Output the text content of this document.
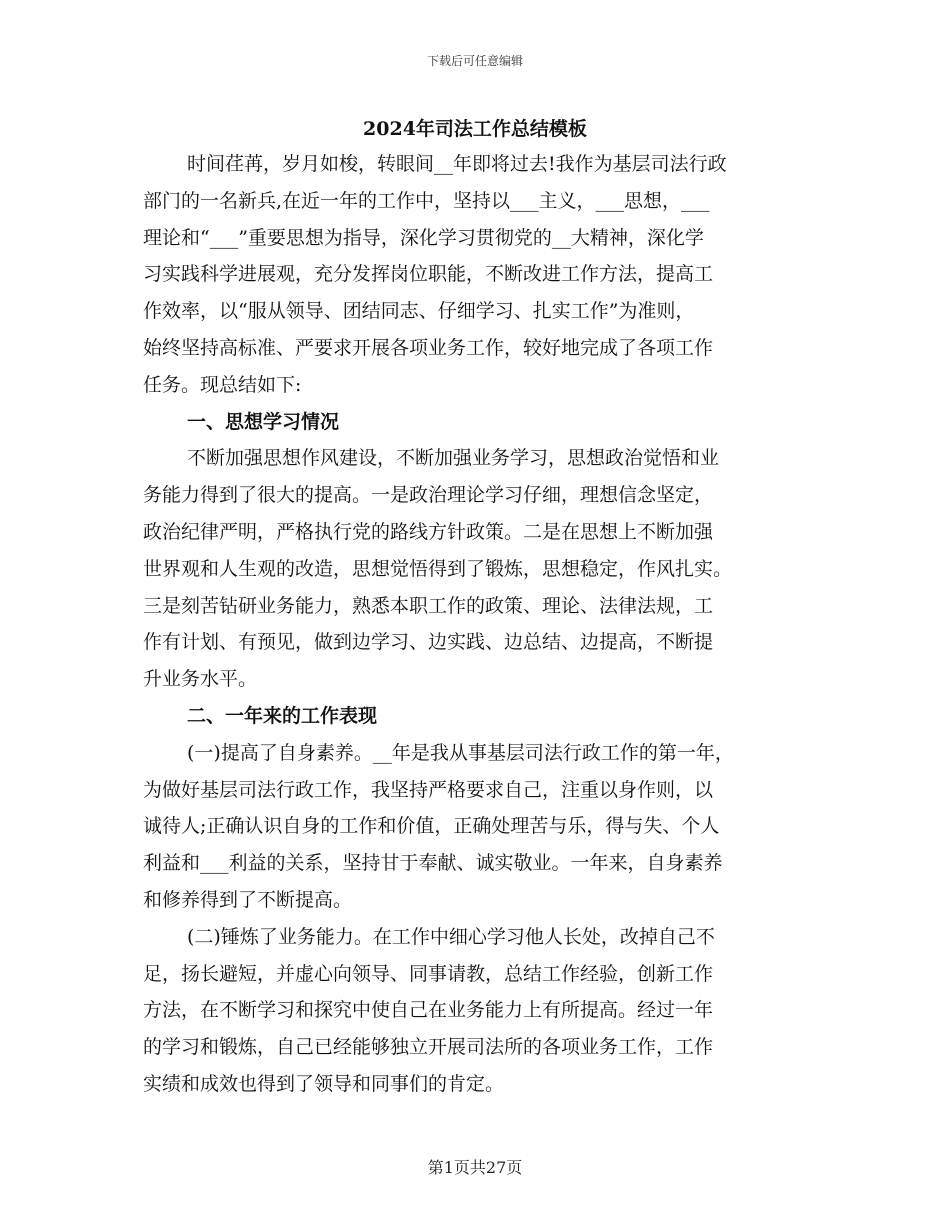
下载后可任意编辑
2024年司法工作总结模板
时间荏苒，岁月如梭，转眼间__年即将过去!我作为基层司法行政
部门的一名新兵,在近一年的工作中，坚持以___主义，___思想，___
理论和“___”重要思想为指导，深化学习贯彻党的__大精神，深化学
习实践科学进展观，充分发挥岗位职能，不断改进工作方法，提高工
作效率，以“服从领导、团结同志、仔细学习、扎实工作”为准则，
始终坚持高标准、严要求开展各项业务工作，较好地完成了各项工作
任务。现总结如下:
一、思想学习情况
不断加强思想作风建设，不断加强业务学习，思想政治觉悟和业
务能力得到了很大的提高。一是政治理论学习仔细，理想信念坚定，
政治纪律严明，严格执行党的路线方针政策。二是在思想上不断加强
世界观和人生观的改造，思想觉悟得到了锻炼，思想稳定，作风扎实。
三是刻苦钻研业务能力，熟悉本职工作的政策、理论、法律法规，工
作有计划、有预见，做到边学习、边实践、边总结、边提高，不断提
升业务水平。
二、一年来的工作表现
(一)提高了自身素养。__年是我从事基层司法行政工作的第一年，
为做好基层司法行政工作，我坚持严格要求自己，注重以身作则，以
诚待人;正确认识自身的工作和价值，正确处理苦与乐，得与失、个人
利益和___利益的关系，坚持甘于奉献、诚实敬业。一年来，自身素养
和修养得到了不断提高。
(二)锤炼了业务能力。在工作中细心学习他人长处，改掉自己不
足，扬长避短，并虚心向领导、同事请教，总结工作经验，创新工作
方法，在不断学习和探究中使自己在业务能力上有所提高。经过一年
的学习和锻炼，自己已经能够独立开展司法所的各项业务工作，工作
实绩和成效也得到了领导和同事们的肯定。
第1页共27页
